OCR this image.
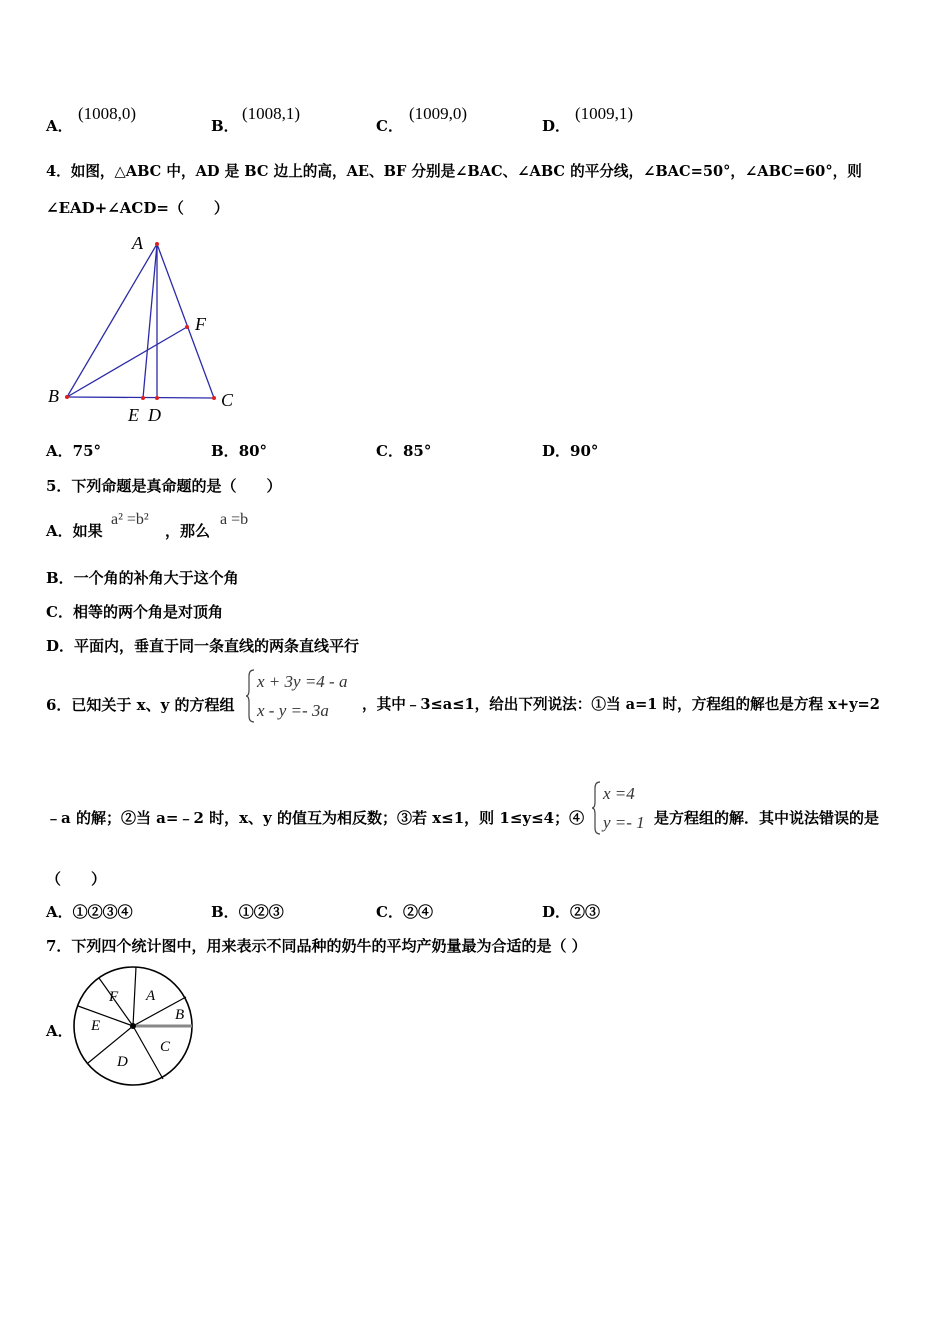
A．
(1008,0)
B．
(1008,1)
C．
(1009,0)
D．
(1009,1)
4．如图，△ABC 中，AD 是 BC 边上的高，AE、BF 分别是∠BAC、∠ABC 的平分线，∠BAC=50°，∠ABC=60°，则
∠EAD+∠ACD=（　　）
A
B	C
E D
F
A．75°	B．80°	C．85°	D．90°
5．下列命题是真命题的是（　　）
A．如果
a² =b²
，那么
a =b
B．一个角的补角大于这个角
C．相等的两个角是对顶角
D．平面内，垂直于同一条直线的两条直线平行
6．已知关于 x、y 的方程组
x + 3y =4 - a
x - y =- 3a ，其中﹣3≤a≤1，给出下列说法：①当 a=1 时，方程组的解也是方程 x+y=2
﹣a 的解；②当 a=﹣2 时，x、y 的值互为相反数；③若 x≤1，则 1≤y≤4；④
x =4
y =- 1 是方程组的解．其中说法错误的是
（　　）
A．①②③④	B．①②③	C．②④	D．②③
7．下列四个统计图中，用来表示不同品种的奶牛的平均产奶量最为合适的是（ ）
A．
A
B
C
D
E
F
